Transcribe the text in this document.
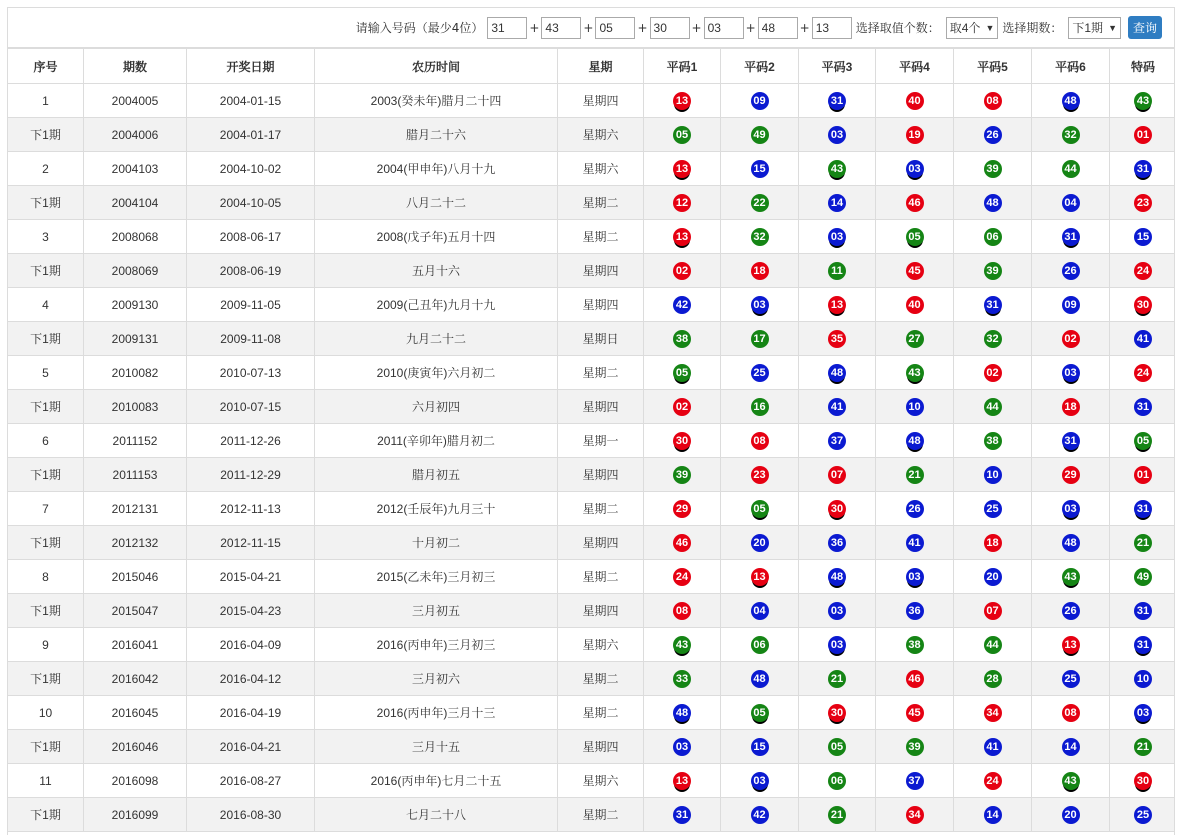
请输入号码（最少4位）
31	+
43	+
05	+
30	+
03	+
48	+
13	选择取值个数： 取4个 ▼ 选择期数： 下1期 ▼	查询
序号	期数	开奖日期	农历时间	星期	平码1	平码2	平码3	平码4	平码5	平码6	特码
1	2004005	2004-01-15	2003(癸未年)腊月二十四	星期四	13	09	31	40	08	48	43
下1期	2004006	2004-01-17	腊月二十六	星期六	05	49	03	19	26	32	01
2	2004103	2004-10-02	2004(甲申年)八月十九	星期六	13	15	43	03	39	44	31
下1期	2004104	2004-10-05	八月二十二	星期二	12	22	14	46	48	04	23
3	2008068	2008-06-17	2008(戊子年)五月十四	星期二	13	32	03	05	06	31	15
下1期	2008069	2008-06-19	五月十六	星期四	02	18	11	45	39	26	24
4	2009130	2009-11-05	2009(己丑年)九月十九	星期四	42	03	13	40	31	09	30
下1期	2009131	2009-11-08	九月二十二	星期日	38	17	35	27	32	02	41
5	2010082	2010-07-13	2010(庚寅年)六月初二	星期二	05	25	48	43	02	03	24
下1期	2010083	2010-07-15	六月初四	星期四	02	16	41	10	44	18	31
6	2011152	2011-12-26	2011(辛卯年)腊月初二	星期一	30	08	37	48	38	31	05
下1期	2011153	2011-12-29	腊月初五	星期四	39	23	07	21	10	29	01
7	2012131	2012-11-13	2012(壬辰年)九月三十	星期二	29	05	30	26	25	03	31
下1期	2012132	2012-11-15	十月初二	星期四	46	20	36	41	18	48	21
8	2015046	2015-04-21	2015(乙未年)三月初三	星期二	24	13	48	03	20	43	49
下1期	2015047	2015-04-23	三月初五	星期四	08	04	03	36	07	26	31
9	2016041	2016-04-09	2016(丙申年)三月初三	星期六	43	06	03	38	44	13	31
下1期	2016042	2016-04-12	三月初六	星期二	33	48	21	46	28	25	10
10	2016045	2016-04-19	2016(丙申年)三月十三	星期二	48	05	30	45	34	08	03
下1期	2016046	2016-04-21	三月十五	星期四	03	15	05	39	41	14	21
11	2016098	2016-08-27	2016(丙申年)七月二十五	星期六	13	03	06	37	24	43	30
下1期	2016099	2016-08-30	七月二十八	星期二	31	42	21	34	14	20	25
